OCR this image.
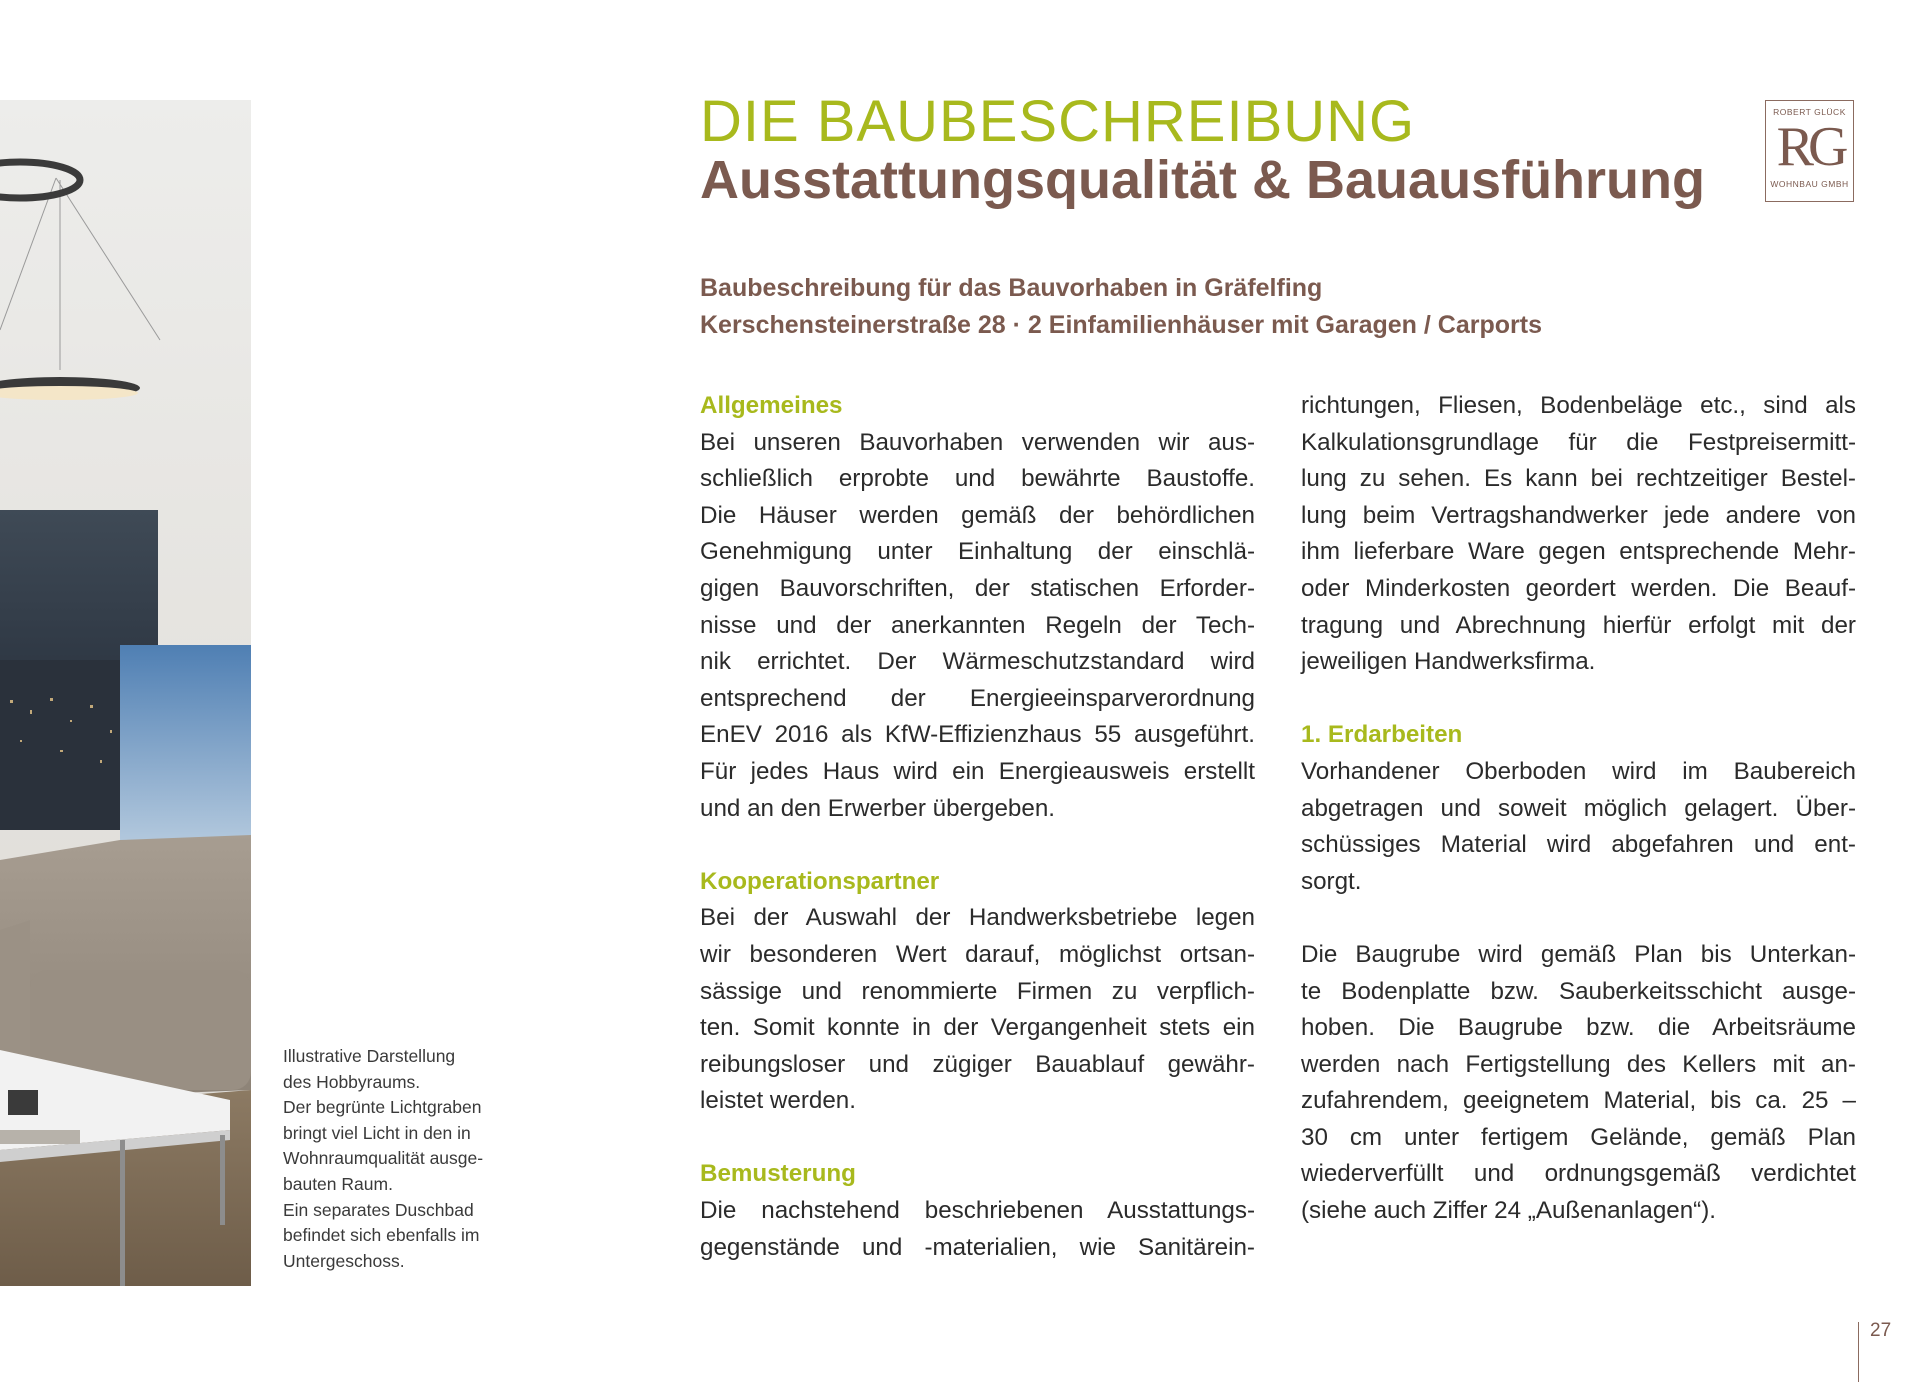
Illustrative Darstellung
des Hobbyraums.
Der begrünte Lichtgraben
bringt viel Licht in den in
Wohnraumqualität ausge-
bauten Raum.
Ein separates Duschbad
befindet sich ebenfalls im
Untergeschoss.
DIE BAUBESCHREIBUNG
Ausstattungsqualität & Bauausführung
Baubeschreibung für das Bauvorhaben in Gräfelfing
Kerschensteinerstraße 28 · 2 Einfamilienhäuser mit Garagen / Carports
ROBERT GLÜCK
RG
WOHNBAU GMBH
Allgemeines
Bei unseren Bauvorhaben verwenden wir aus-
schließlich erprobte und bewährte Baustoffe.
Die Häuser werden gemäß der behördlichen
Genehmigung unter Einhaltung der einschlä-
gigen Bauvorschriften, der statischen Erforder-
nisse und der anerkannten Regeln der Tech-
nik errichtet. Der Wärmeschutzstandard wird
entsprechend der Energieeinsparverordnung
EnEV 2016 als KfW-Effizienzhaus 55 ausgeführt.
Für jedes Haus wird ein Energieausweis erstellt
und an den Erwerber übergeben.
Kooperationspartner
Bei der Auswahl der Handwerksbetriebe legen
wir besonderen Wert darauf, möglichst ortsan-
sässige und renommierte Firmen zu verpflich-
ten. Somit konnte in der Vergangenheit stets ein
reibungsloser und zügiger Bauablauf gewähr-
leistet werden.
Bemusterung
Die nachstehend beschriebenen Ausstattungs-
gegenstände und -materialien, wie Sanitärein-
richtungen, Fliesen, Bodenbeläge etc., sind als
Kalkulationsgrundlage für die Festpreisermitt-
lung zu sehen. Es kann bei rechtzeitiger Bestel-
lung beim Vertragshandwerker jede andere von
ihm lieferbare Ware gegen entsprechende Mehr-
oder Minderkosten geordert werden. Die Beauf-
tragung und Abrechnung hierfür erfolgt mit der
jeweiligen Handwerksfirma.
1. Erdarbeiten
Vorhandener Oberboden wird im Baubereich
abgetragen und soweit möglich gelagert. Über-
schüssiges Material wird abgefahren und ent-
sorgt.
Die Baugrube wird gemäß Plan bis Unterkan-
te Bodenplatte bzw. Sauberkeitsschicht ausge-
hoben. Die Baugrube bzw. die Arbeitsräume
werden nach Fertigstellung des Kellers mit an-
zufahrendem, geeignetem Material, bis ca. 25 –
30 cm unter fertigem Gelände, gemäß Plan
wiederverfüllt und ordnungsgemäß verdichtet
(siehe auch Ziffer 24 „Außenanlagen“).
27
